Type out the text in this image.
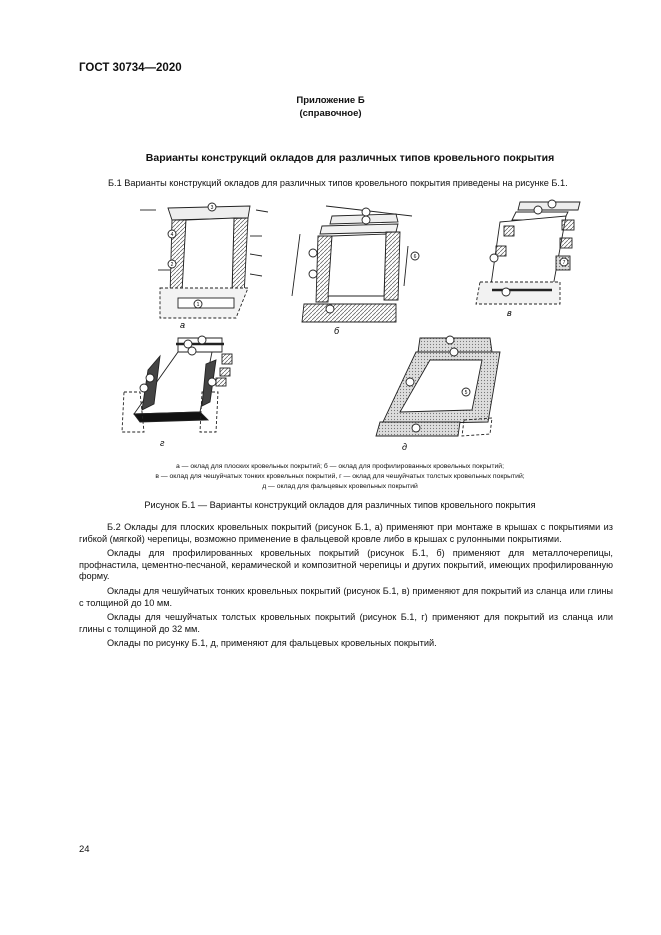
ГОСТ 30734—2020
Приложение Б
(справочное)
Варианты конструкций окладов для различных типов кровельного покрытия
Б.1 Варианты конструкций окладов для различных типов кровельного покрытия приведены на рисунке Б.1.
а
б
в
г	д
3
4
2
1
6
7
5
а — оклад для плоских кровельных покрытий; б — оклад для профилированных кровельных покрытий;
в — оклад для чешуйчатых тонких кровельных покрытий, г — оклад для чешуйчатых толстых кровельных покрытий;
д — оклад для фальцевых кровельных покрытий
Рисунок Б.1 — Варианты конструкций окладов для различных типов кровельного покрытия

Б.2 Оклады для плоских кровельных покрытий (рисунок Б.1, а) применяют при монтаже в крышах с покрытиями из гибкой (мягкой) черепицы, возможно применение в фальцевой кровле либо в крышах с рулонными покрытиями.

Оклады для профилированных кровельных покрытий (рисунок Б.1, б) применяют для металлочерепицы, профнастила, цементно-песчаной, керамической и композитной черепицы и других покрытий, имеющих профилированную форму.

Оклады для чешуйчатых тонких кровельных покрытий (рисунок Б.1, в) применяют для покрытий из сланца или глины с толщиной до 10 мм.

Оклады для чешуйчатых толстых кровельных покрытий (рисунок Б.1, г) применяют для покрытий из сланца или глины с толщиной до 32 мм.

Оклады по рисунку Б.1, д, применяют для фальцевых кровельных покрытий.

24
